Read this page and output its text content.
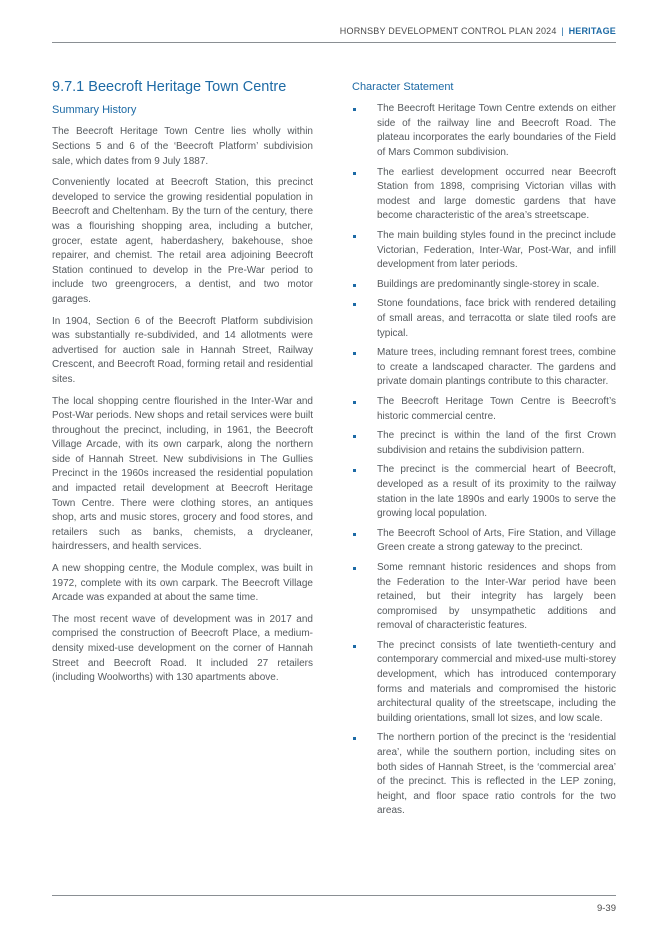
HORNSBY DEVELOPMENT CONTROL PLAN 2024 | HERITAGE
9.7.1 Beecroft Heritage Town Centre
Summary History

The Beecroft Heritage Town Centre lies wholly within Sections 5 and 6 of the ‘Beecroft Platform’ subdivision sale, which dates from 9 July 1887.

Conveniently located at Beecroft Station, this precinct developed to service the growing residential population in Beecroft and Cheltenham. By the turn of the century, there was a flourishing shopping area, including a butcher, grocer, estate agent, haberdashery, bakehouse, shoe repairer, and chemist. The retail area adjoining Beecroft Station continued to develop in the Pre-War period to include two greengrocers, a dentist, and two motor garages.

In 1904, Section 6 of the Beecroft Platform subdivision was substantially re-subdivided, and 14 allotments were advertised for auction sale in Hannah Street, Railway Crescent, and Beecroft Road, forming retail and residential sites.

The local shopping centre flourished in the Inter-War and Post-War periods. New shops and retail services were built throughout the precinct, including, in 1961, the Beecroft Village Arcade, with its own carpark, along the northern side of Hannah Street. New subdivisions in The Gullies Precinct in the 1960s increased the residential population and impacted retail development at Beecroft Heritage Town Centre. There were clothing stores, an antiques shop, arts and music stores, grocery and food stores, and retailers such as banks, chemists, a drycleaner, hairdressers, and health services.

A new shopping centre, the Module complex, was built in 1972, complete with its own carpark. The Beecroft Village Arcade was expanded at about the same time.

The most recent wave of development was in 2017 and comprised the construction of Beecroft Place, a medium-density mixed-use development on the corner of Hannah Street and Beecroft Road. It included 27 retailers (including Woolworths) with 130 apartments above.

Character Statement
The Beecroft Heritage Town Centre extends on either side of the railway line and Beecroft Road. The plateau incorporates the early boundaries of the Field of Mars Common subdivision.
The earliest development occurred near Beecroft Station from 1898, comprising Victorian villas with modest and large domestic gardens that have become characteristic of the area’s streetscape.
The main building styles found in the precinct include Victorian, Federation, Inter-War, Post-War, and infill development from later periods.
Buildings are predominantly single-storey in scale.
Stone foundations, face brick with rendered detailing of small areas, and terracotta or slate tiled roofs are typical.
Mature trees, including remnant forest trees, combine to create a landscaped character. The gardens and private domain plantings contribute to this character.
The Beecroft Heritage Town Centre is Beecroft’s historic commercial centre.
The precinct is within the land of the first Crown subdivision and retains the subdivision pattern.
The precinct is the commercial heart of Beecroft, developed as a result of its proximity to the railway station in the late 1890s and early 1900s to serve the growing local population.
The Beecroft School of Arts, Fire Station, and Village Green create a strong gateway to the precinct.
Some remnant historic residences and shops from the Federation to the Inter-War period have been retained, but their integrity has largely been compromised by unsympathetic additions and removal of characteristic features.
The precinct consists of late twentieth-century and contemporary commercial and mixed-use multi-storey development, which has introduced contemporary forms and materials and compromised the historic architectural quality of the streetscape, including the building orientations, small lot sizes, and low scale.
The northern portion of the precinct is the ‘residential area’, while the southern portion, including sites on both sides of Hannah Street, is the ‘commercial area’ of the precinct. This is reflected in the LEP zoning, height, and floor space ratio controls for the two areas.
9-39
